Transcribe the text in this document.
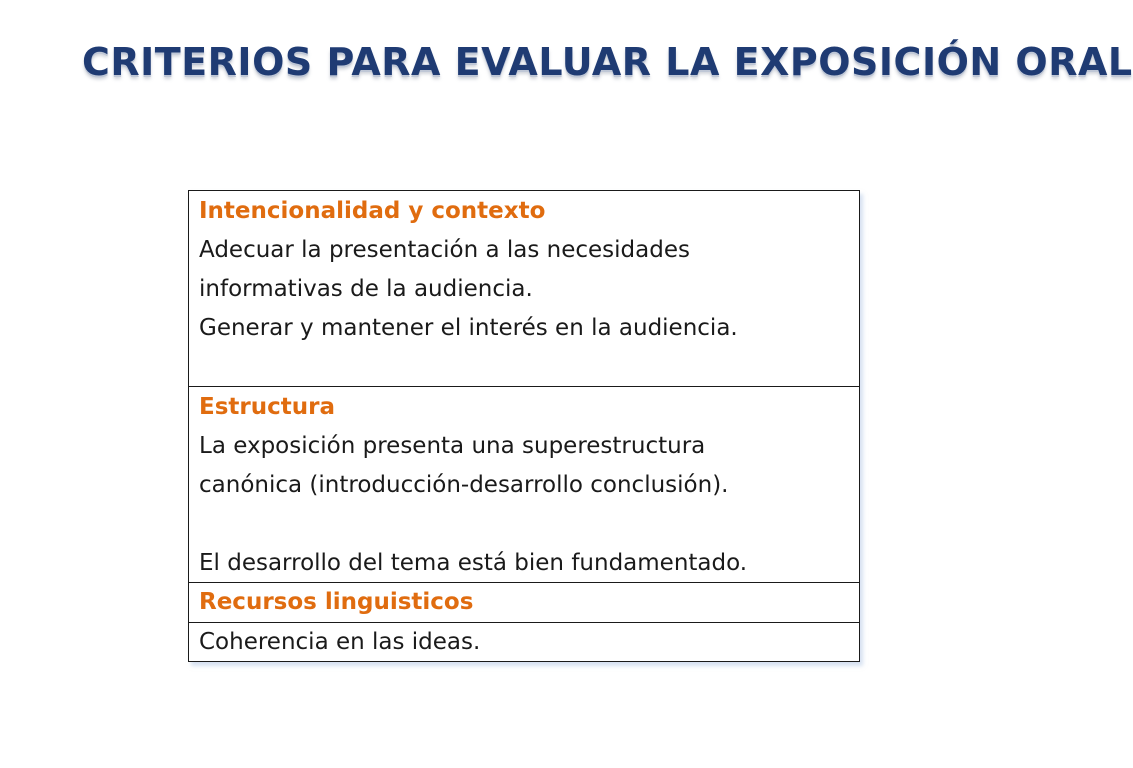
CRITERIOS PARA EVALUAR LA EXPOSICIÓN ORAL
Intencionalidad y contexto
Adecuar la presentación a las necesidades
informativas de la audiencia.
Generar y mantener el interés en la audiencia.
Estructura
La exposición presenta una superestructura
canónica (introducción-desarrollo conclusión).
El desarrollo del tema está bien fundamentado.
Recursos linguisticos
Coherencia en las ideas.
